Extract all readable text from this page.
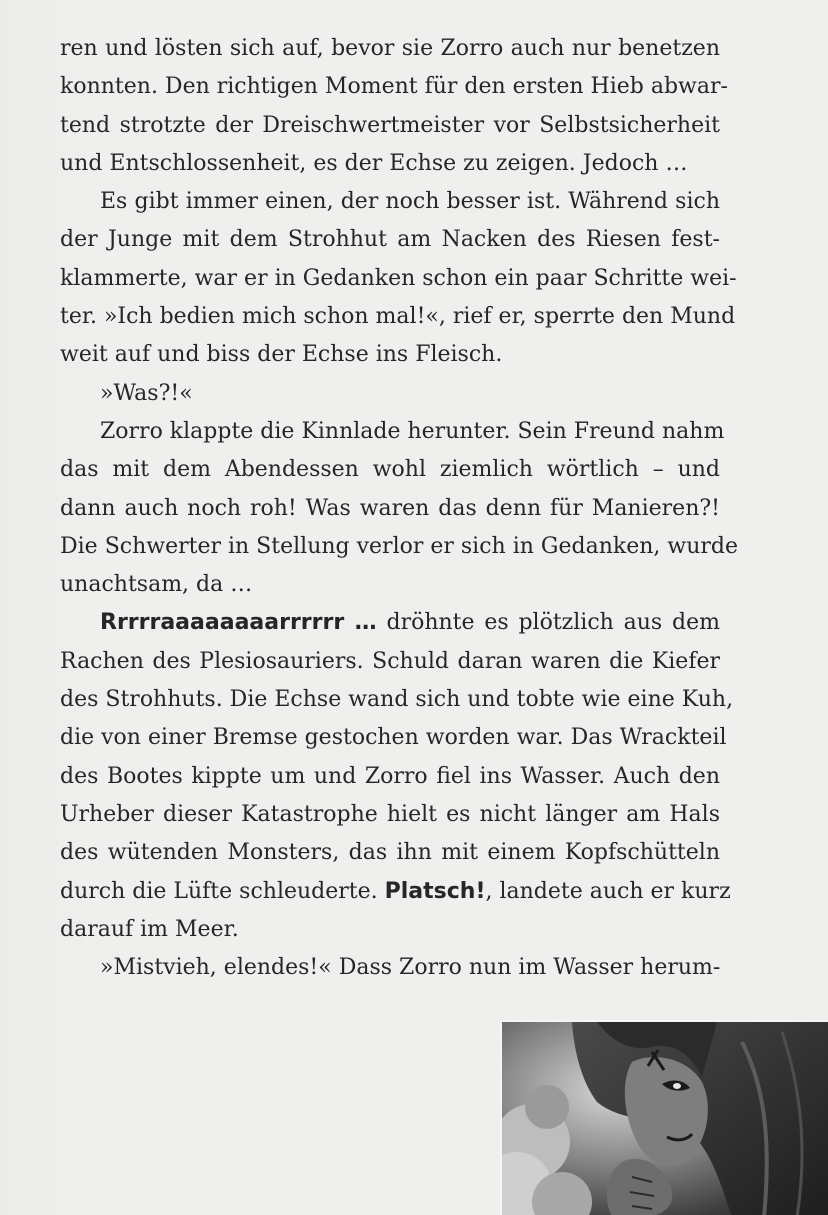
ren und lösten sich auf, bevor sie Zorro auch nur benetzen
konnten. Den richtigen Moment für den ersten Hieb abwar-
tend strotzte der Dreischwertmeister vor Selbstsicherheit
und Entschlossenheit, es der Echse zu zeigen. Jedoch …
Es gibt immer einen, der noch besser ist. Während sich
der Junge mit dem Strohhut am Nacken des Riesen fest-
klammerte, war er in Gedanken schon ein paar Schritte wei-
ter. »Ich bedien mich schon mal!«, rief er, sperrte den Mund
weit auf und biss der Echse ins Fleisch.
»Was?!«
Zorro klappte die Kinnlade herunter. Sein Freund nahm
das mit dem Abendessen wohl ziemlich wörtlich – und
dann auch noch roh! Was waren das denn für Manieren?!
Die Schwerter in Stellung verlor er sich in Gedanken, wurde
unachtsam, da …
Rrrrraaaaaaaarrrrrr … dröhnte es plötzlich aus dem
Rachen des Plesiosauriers. Schuld daran waren die Kiefer
des Strohhuts. Die Echse wand sich und tobte wie eine Kuh,
die von einer Bremse gestochen worden war. Das Wrackteil
des Bootes kippte um und Zorro fiel ins Wasser. Auch den
Urheber dieser Katastrophe hielt es nicht länger am Hals
des wütenden Monsters, das ihn mit einem Kopfschütteln
durch die Lüfte schleuderte. Platsch!, landete auch er kurz
darauf im Meer.
»Mistvieh, elendes!« Dass Zorro nun im Wasser herum-
